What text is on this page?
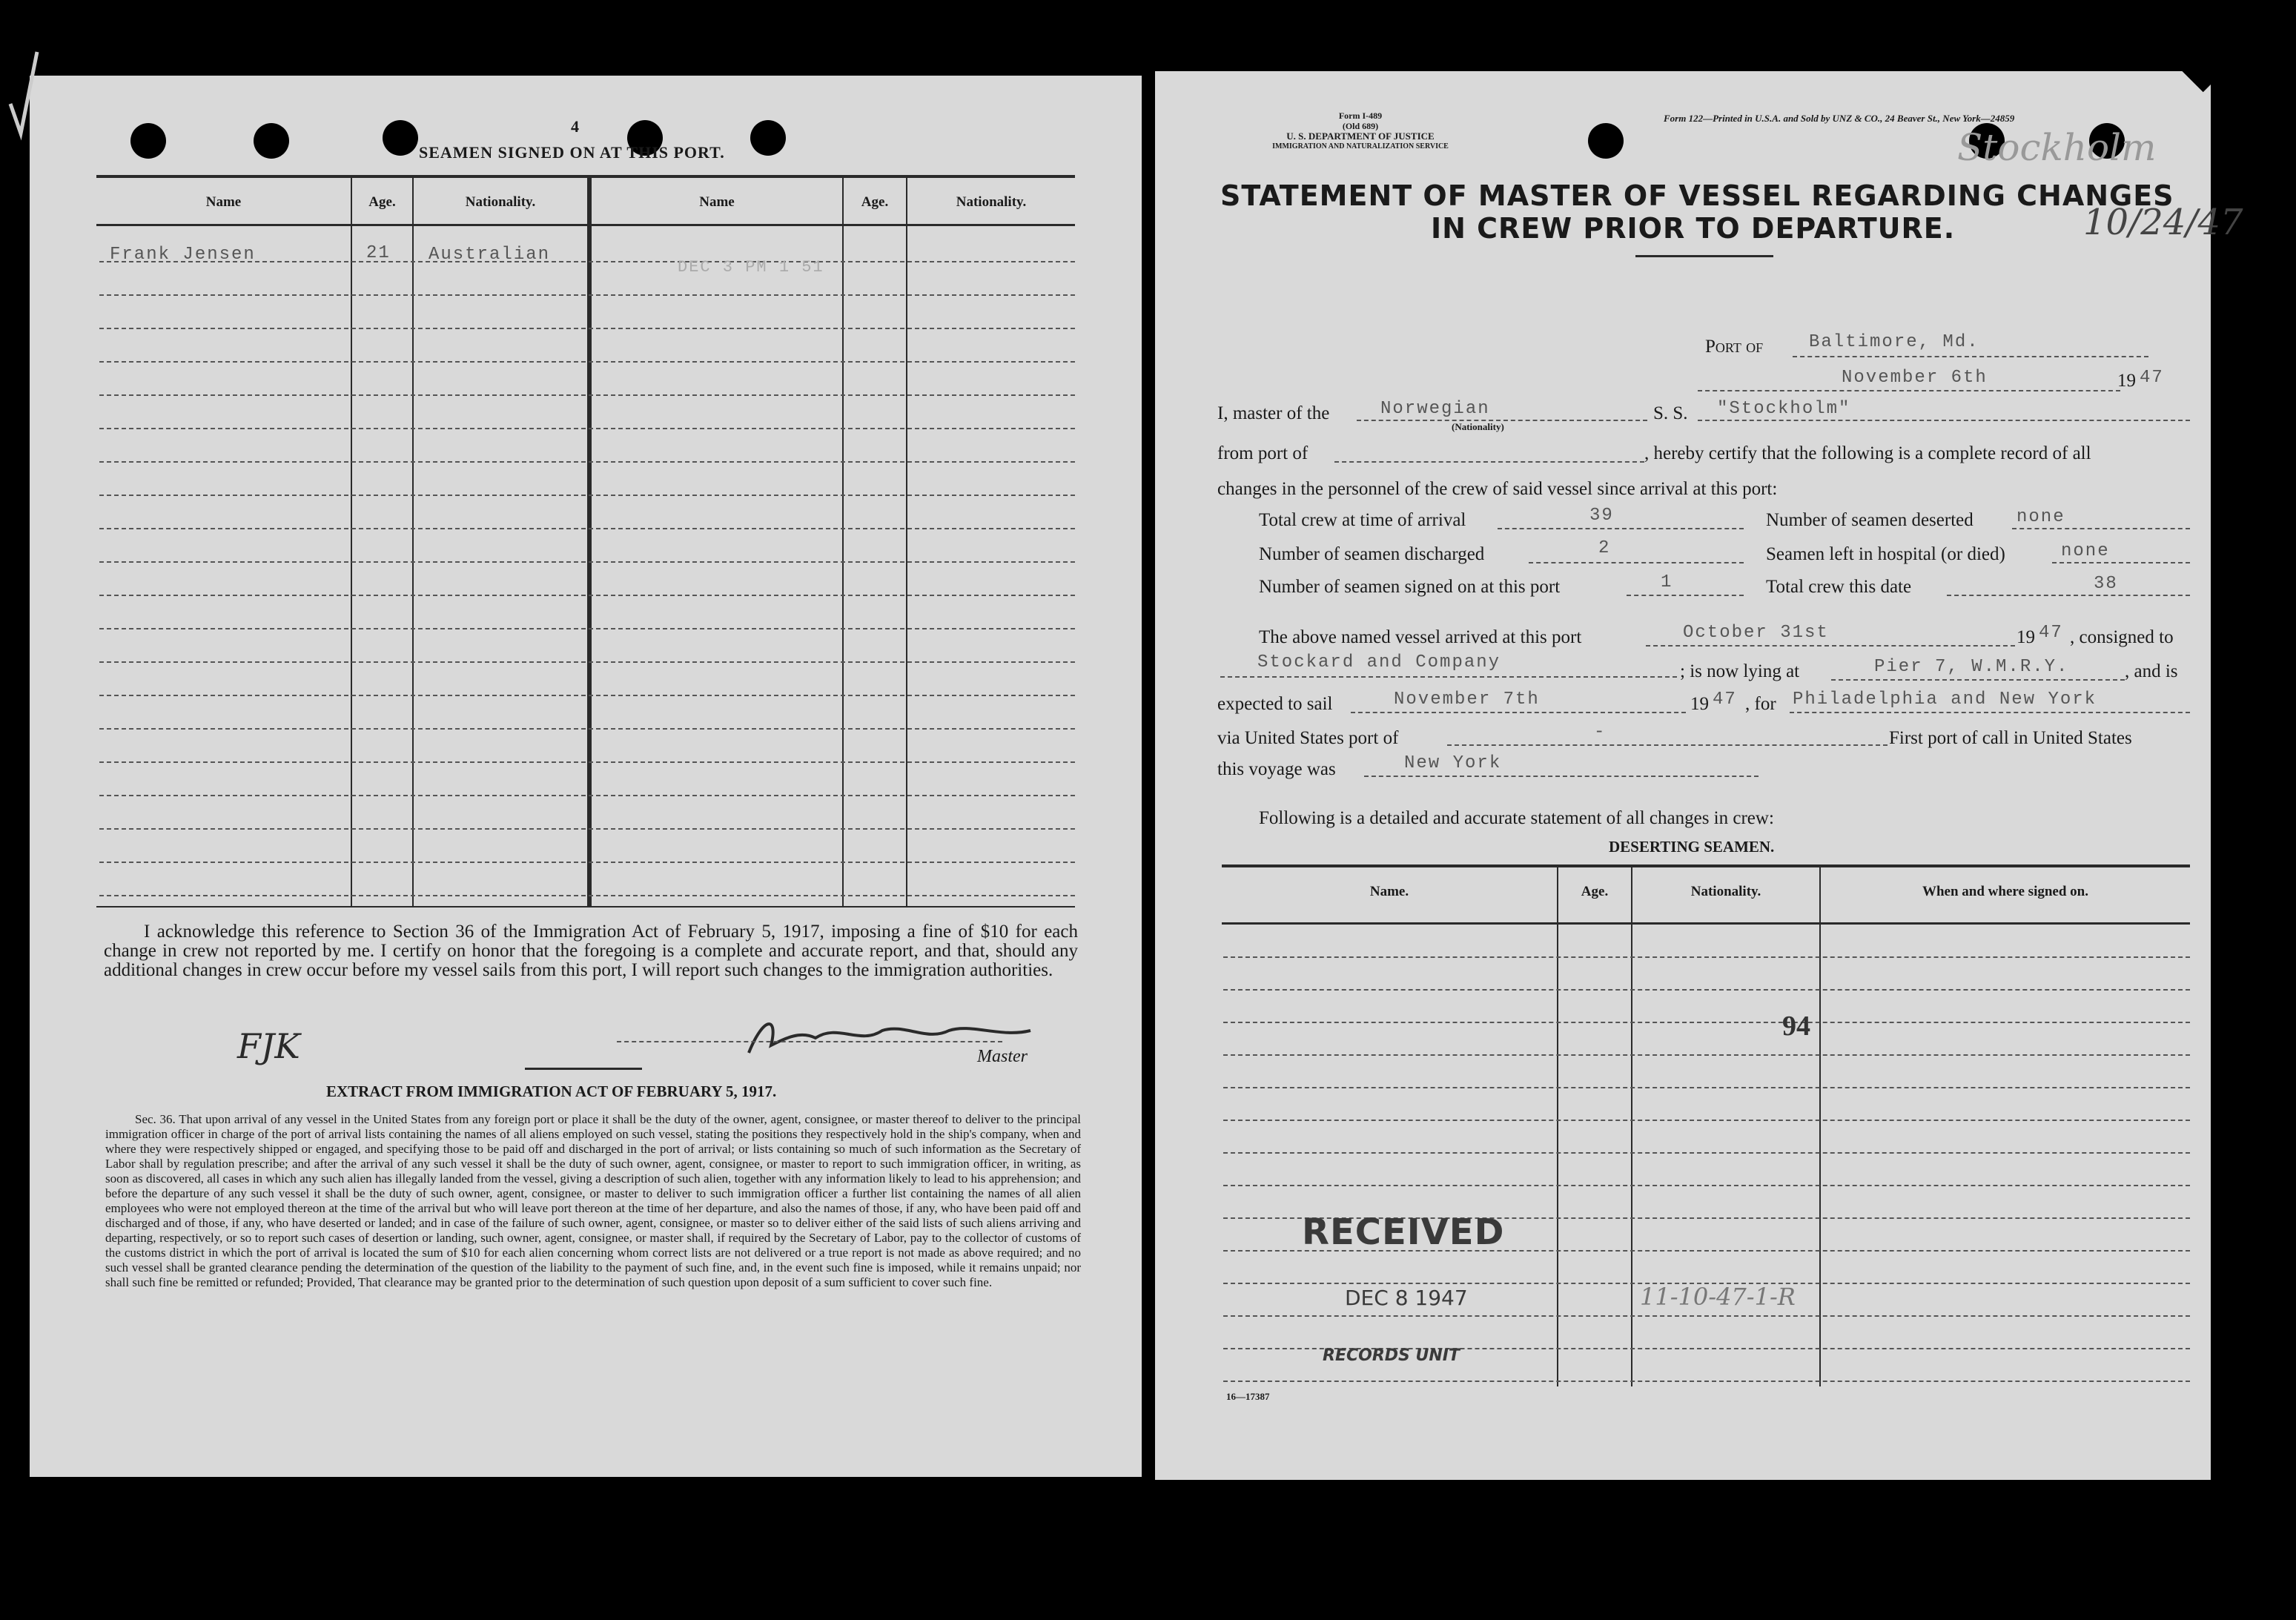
4
SEAMEN SIGNED ON AT THIS PORT.
Name	Age.	Nationality.	Name	Age.	Nationality.
Frank Jensen	21 Australian
DEC 3 PM 1 51
I acknowledge this reference to Section 36 of the Immigration Act of February 5, 1917, imposing a fine of $10 for each change in crew not reported by me. I certify on honor that the foregoing is a complete and accurate report, and that, should any additional changes in crew occur before my vessel sails from this port, I will report such changes to the immigration authorities.
FJK	Master
EXTRACT FROM IMMIGRATION ACT OF FEBRUARY 5, 1917.
Sec. 36. That upon arrival of any vessel in the United States from any foreign port or place it shall be the duty of the owner, agent, consignee, or master thereof to deliver to the principal immigration officer in charge of the port of arrival lists containing the names of all aliens employed on such vessel, stating the positions they respectively hold in the ship's company, when and where they were respectively shipped or engaged, and specifying those to be paid off and discharged in the port of arrival; or lists containing so much of such information as the Secretary of Labor shall by regulation prescribe; and after the arrival of any such vessel it shall be the duty of such owner, agent, consignee, or master to report to such immigration officer, in writing, as soon as discovered, all cases in which any such alien has illegally landed from the vessel, giving a description of such alien, together with any information likely to lead to his apprehension; and before the departure of any such vessel it shall be the duty of such owner, agent, consignee, or master to deliver to such immigration officer a further list containing the names of all alien employees who were not employed thereon at the time of the arrival but who will leave port thereon at the time of her departure, and also the names of those, if any, who have been paid off and discharged and of those, if any, who have deserted or landed; and in case of the failure of such owner, agent, consignee, or master so to deliver either of the said lists of such aliens arriving and departing, respectively, or so to report such cases of desertion or landing, such owner, agent, consignee, or master shall, if required by the Secretary of Labor, pay to the collector of customs of the customs district in which the port of arrival is located the sum of $10 for each alien concerning whom correct lists are not delivered or a true report is not made as above required; and no such vessel shall be granted clearance pending the determination of the question of the liability to the payment of such fine, and, in the event such fine is imposed, while it remains unpaid; nor shall such fine be remitted or refunded; Provided, That clearance may be granted prior to the determination of such question upon deposit of a sum sufficient to cover such fine.
Form I-489
(Old 689)
U. S. DEPARTMENT OF JUSTICE
IMMIGRATION AND NATURALIZATION SERVICE
Form 122—Printed in U.S.A. and Sold by UNZ & CO., 24 Beaver St., New York—24859
Stockholm
10/24/47
STATEMENT OF MASTER OF VESSEL REGARDING CHANGES
IN CREW PRIOR TO DEPARTURE.
Port of	Baltimore, Md.
November 6th	19 47
I, master of the	Norwegian
(Nationality)
S. S. "Stockholm"
from port of	, hereby certify that the following is a complete record of all
changes in the personnel of the crew of said vessel since arrival at this port:
Total crew at time of arrival	39	Number of seamen deserted none
Number of seamen discharged	2	Seamen left in hospital (or died)	none
Number of seamen signed on at this port	1	Total crew this date	38
The above named vessel arrived at this port	October 31st	19 47 , consigned to
Stockard and Company	; is now lying at	Pier 7, W.M.R.Y.	, and is
expected to sail	November 7th	19 47 , for Philadelphia and New York
via United States port of	-	First port of call in United States
this voyage was	New York
Following is a detailed and accurate statement of all changes in crew:
DESERTING SEAMEN.
Name.	Age.	Nationality.	When and where signed on.
94
RECEIVED
DEC 8 1947	11-10-47-1-R
RECORDS UNIT
16—17387
